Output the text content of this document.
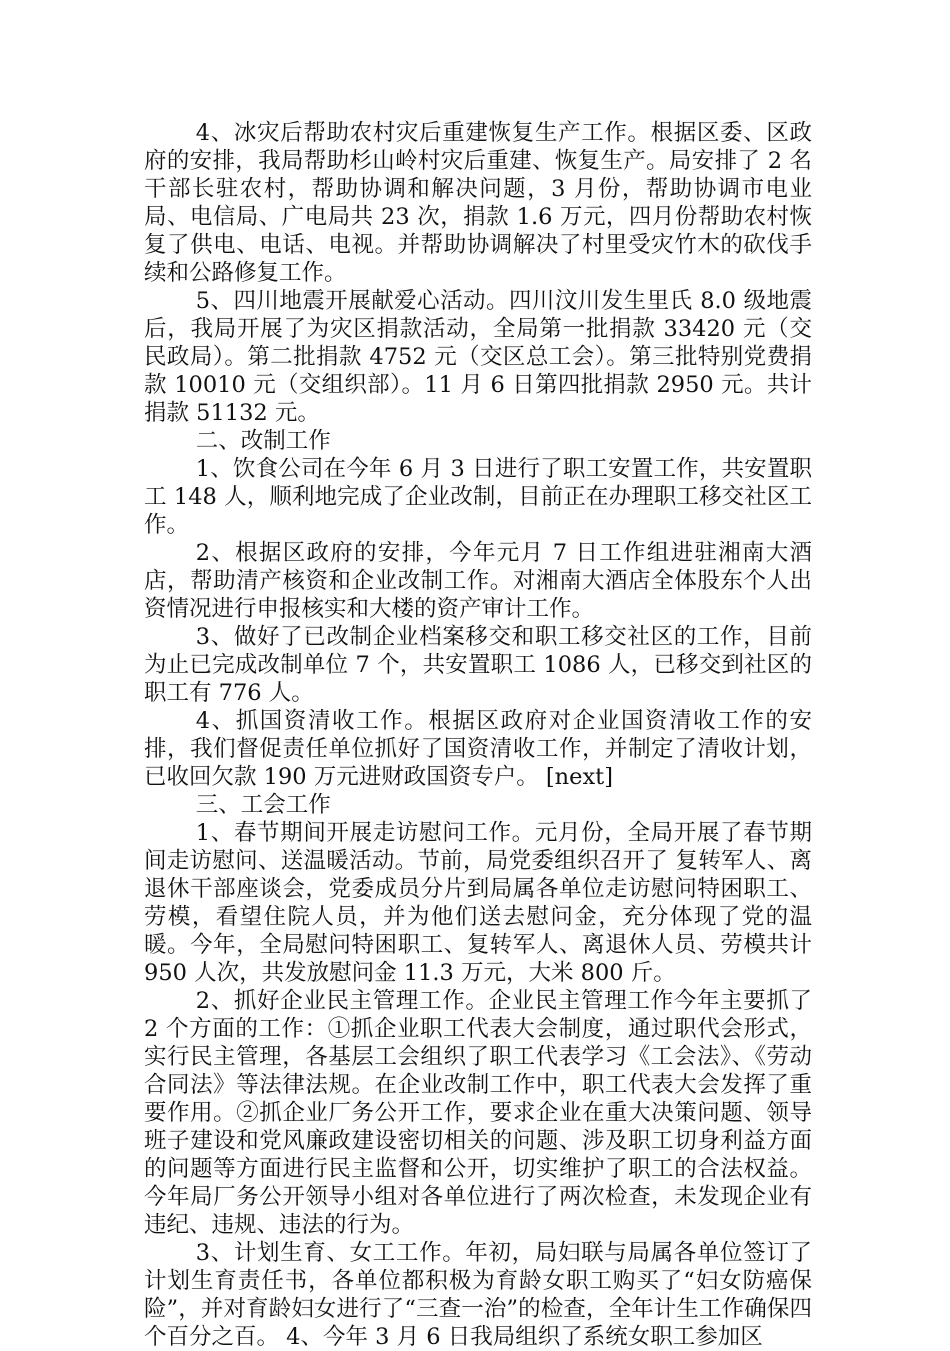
4、冰灾后帮助农村灾后重建恢复生产工作。根据区委、区政府的安排，我局帮助杉山岭村灾后重建、恢复生产。局安排了 2 名干部长驻农村，帮助协调和解决问题，3 月份，帮助协调市电业局、电信局、广电局共 23 次，捐款 1.6 万元，四月份帮助农村恢复了供电、电话、电视。并帮助协调解决了村里受灾竹木的砍伐手续和公路修复工作。

5、四川地震开展献爱心活动。四川汶川发生里氏 8.0 级地震后，我局开展了为灾区捐款活动，全局第一批捐款 33420 元（交民政局）。第二批捐款 4752 元（交区总工会）。第三批特别党费捐款 10010 元（交组织部）。11 月 6 日第四批捐款 2950 元。共计捐款 51132 元。

二、改制工作

1、饮食公司在今年 6 月 3 日进行了职工安置工作，共安置职工 148 人，顺利地完成了企业改制，目前正在办理职工移交社区工作。

2、根据区政府的安排，今年元月 7 日工作组进驻湘南大酒店，帮助清产核资和企业改制工作。对湘南大酒店全体股东个人出资情况进行申报核实和大楼的资产审计工作。

3、做好了已改制企业档案移交和职工移交社区的工作，目前为止已完成改制单位 7 个，共安置职工 1086 人，已移交到社区的职工有 776 人。

4、抓国资清收工作。根据区政府对企业国资清收工作的安排，我们督促责任单位抓好了国资清收工作，并制定了清收计划，已收回欠款 190 万元进财政国资专户。 [next]

三、工会工作

1、春节期间开展走访慰问工作。元月份，全局开展了春节期间走访慰问、送温暖活动。节前，局党委组织召开了 复转军人、离退休干部座谈会，党委成员分片到局属各单位走访慰问特困职工、劳模，看望住院人员，并为他们送去慰问金，充分体现了党的温暖。今年，全局慰问特困职工、复转军人、离退休人员、劳模共计 950 人次，共发放慰问金 11.3 万元，大米 800 斤。

2、抓好企业民主管理工作。企业民主管理工作今年主要抓了 2 个方面的工作：①抓企业职工代表大会制度，通过职代会形式，实行民主管理，各基层工会组织了职工代表学习《工会法》、《劳动合同法》等法律法规。在企业改制工作中，职工代表大会发挥了重要作用。②抓企业厂务公开工作，要求企业在重大决策问题、领导班子建设和党风廉政建设密切相关的问题、涉及职工切身利益方面的问题等方面进行民主监督和公开，切实维护了职工的合法权益。今年局厂务公开领导小组对各单位进行了两次检查，未发现企业有违纪、违规、违法的行为。

3、计划生育、女工工作。年初，局妇联与局属各单位签订了计划生育责任书，各单位都积极为育龄女职工购买了“妇女防癌保险”，并对育龄妇女进行了“三查一治”的检查，全年计生工作确保四个百分之百。 4、今年 3 月 6 日我局组织了系统女职工参加区
